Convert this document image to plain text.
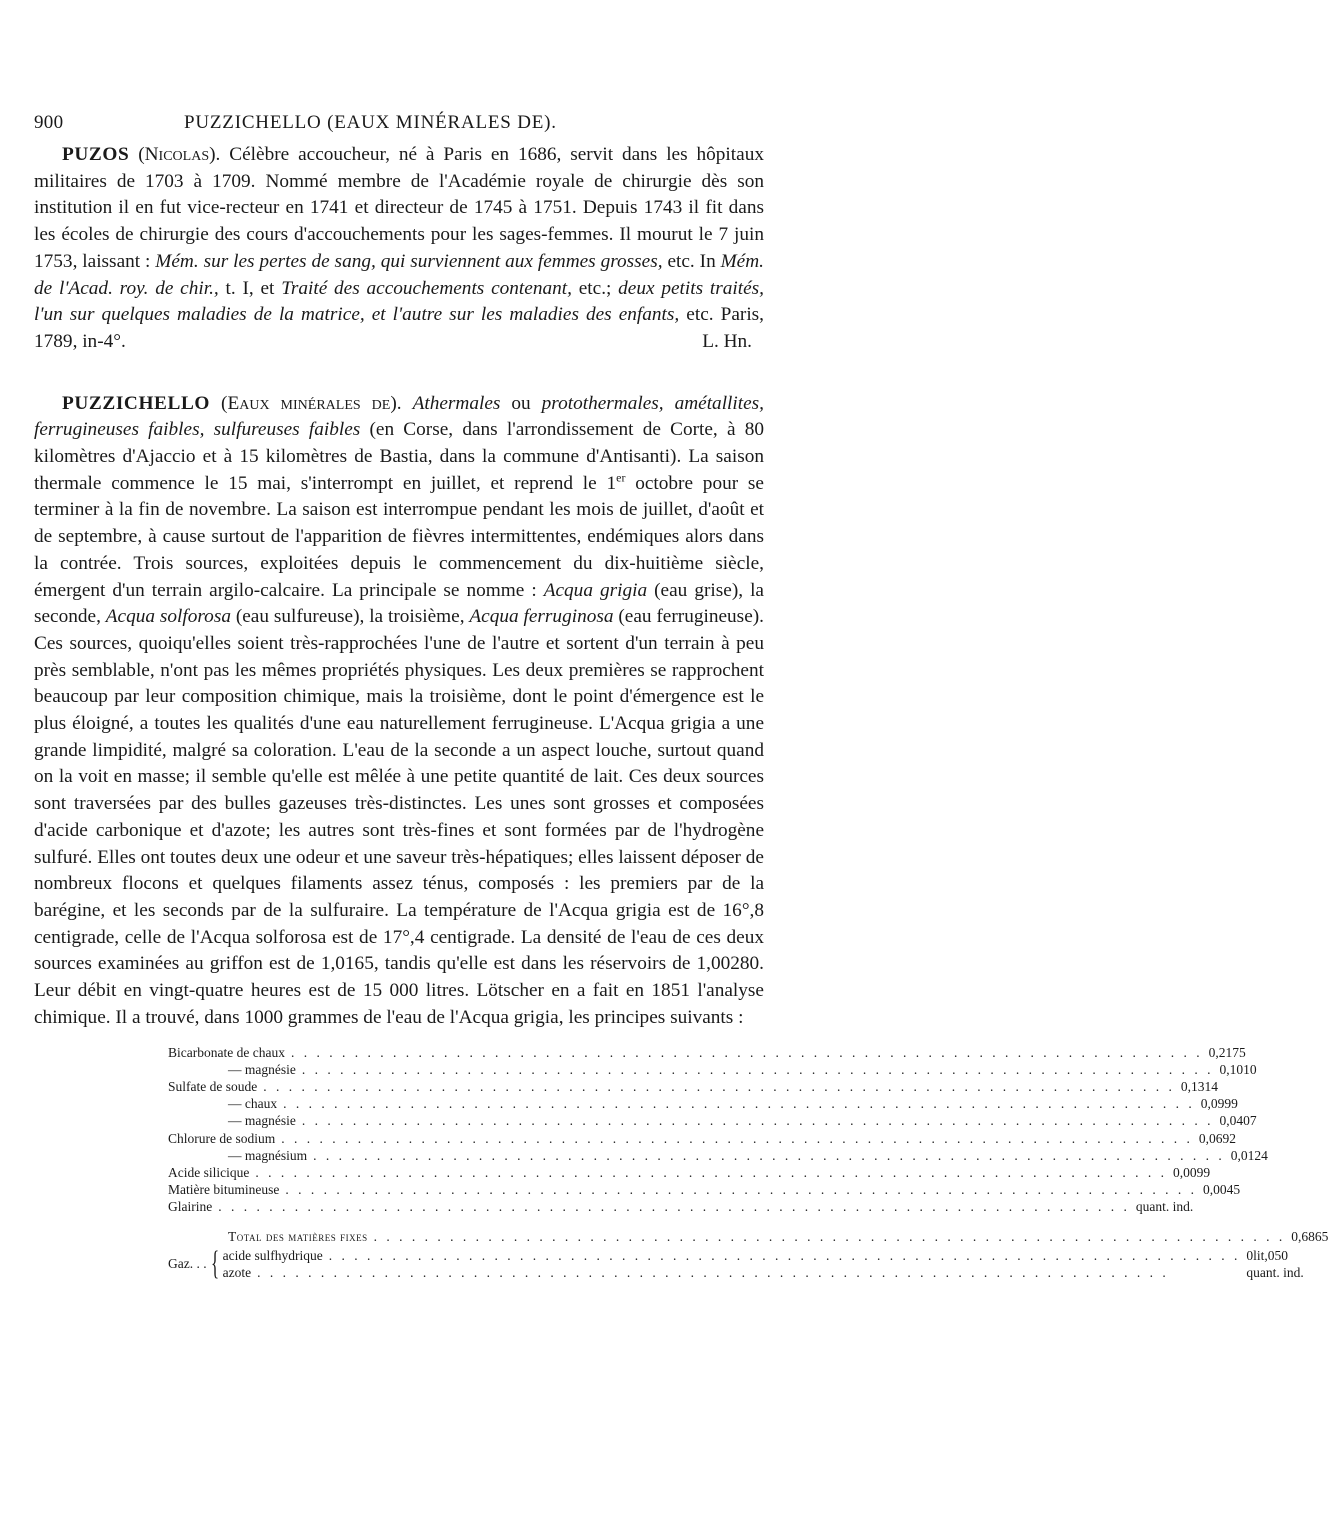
900	PUZZICHELLO (EAUX MINÉRALES DE).

PUZOS (Nicolas). Célèbre accoucheur, né à Paris en 1686, servit dans les hôpitaux militaires de 1703 à 1709. Nommé membre de l'Académie royale de chirurgie dès son institution il en fut vice-recteur en 1741 et directeur de 1745 à 1751. Depuis 1743 il fit dans les écoles de chirurgie des cours d'accouchements pour les sages-femmes. Il mourut le 7 juin 1753, laissant : Mém. sur les pertes de sang, qui surviennent aux femmes grosses, etc. In Mém. de l'Acad. roy. de chir., t. I, et Traité des accouchements contenant, etc.; deux petits traités, l'un sur quelques maladies de la matrice, et l'autre sur les maladies des enfants, etc. Paris, 1789, in-4°.	L. Hn.

PUZZICHELLO (Eaux minérales de). Athermales ou protothermales, amétallites, ferrugineuses faibles, sulfureuses faibles (en Corse, dans l'arrondissement de Corte, à 80 kilomètres d'Ajaccio et à 15 kilomètres de Bastia, dans la commune d'Antisanti). La saison thermale commence le 15 mai, s'interrompt en juillet, et reprend le 1er octobre pour se terminer à la fin de novembre. La saison est interrompue pendant les mois de juillet, d'août et de septembre, à cause surtout de l'apparition de fièvres intermittentes, endémiques alors dans la contrée. Trois sources, exploitées depuis le commencement du dix-huitième siècle, émergent d'un terrain argilo-calcaire. La principale se nomme : Acqua grigia (eau grise), la seconde, Acqua solforosa (eau sulfureuse), la troisième, Acqua ferruginosa (eau ferrugineuse). Ces sources, quoiqu'elles soient très-rapprochées l'une de l'autre et sortent d'un terrain à peu près semblable, n'ont pas les mêmes propriétés physiques. Les deux premières se rapprochent beaucoup par leur composition chimique, mais la troisième, dont le point d'émergence est le plus éloigné, a toutes les qualités d'une eau naturellement ferrugineuse. L'Acqua grigia a une grande limpidité, malgré sa coloration. L'eau de la seconde a un aspect louche, surtout quand on la voit en masse; il semble qu'elle est mêlée à une petite quantité de lait. Ces deux sources sont traversées par des bulles gazeuses très-distinctes. Les unes sont grosses et composées d'acide carbonique et d'azote; les autres sont très-fines et sont formées par de l'hydrogène sulfuré. Elles ont toutes deux une odeur et une saveur très-hépatiques; elles laissent déposer de nombreux flocons et quelques filaments assez ténus, composés : les premiers par de la barégine, et les seconds par de la sulfuraire. La température de l'Acqua grigia est de 16°,8 centigrade, celle de l'Acqua solforosa est de 17°,4 centigrade. La densité de l'eau de ces deux sources examinées au griffon est de 1,0165, tandis qu'elle est dans les réservoirs de 1,00280. Leur débit en vingt-quatre heures est de 15 000 litres. Lötscher en a fait en 1851 l'analyse chimique. Il a trouvé, dans 1000 grammes de l'eau de l'Acqua grigia, les principes suivants :

Bicarbonate de chaux . . .	0,2175
— magnésie . . .	0,1010
Sulfate de soude . . .	0,1314
— chaux . . .	0,0999
— magnésie . . .	0,0407
Chlorure de sodium . . .	0,0692
— magnésium . . .	0,0124
Acide silicique . . .	0,0099
Matière bitumineuse . . .	0,0045
Glairine . . .	quant. ind.
Total des matières fixes . . .	0,6865
Gaz. . . { acide sulfhydrique . . .	0lit,050
azote . . .	quant. ind.
